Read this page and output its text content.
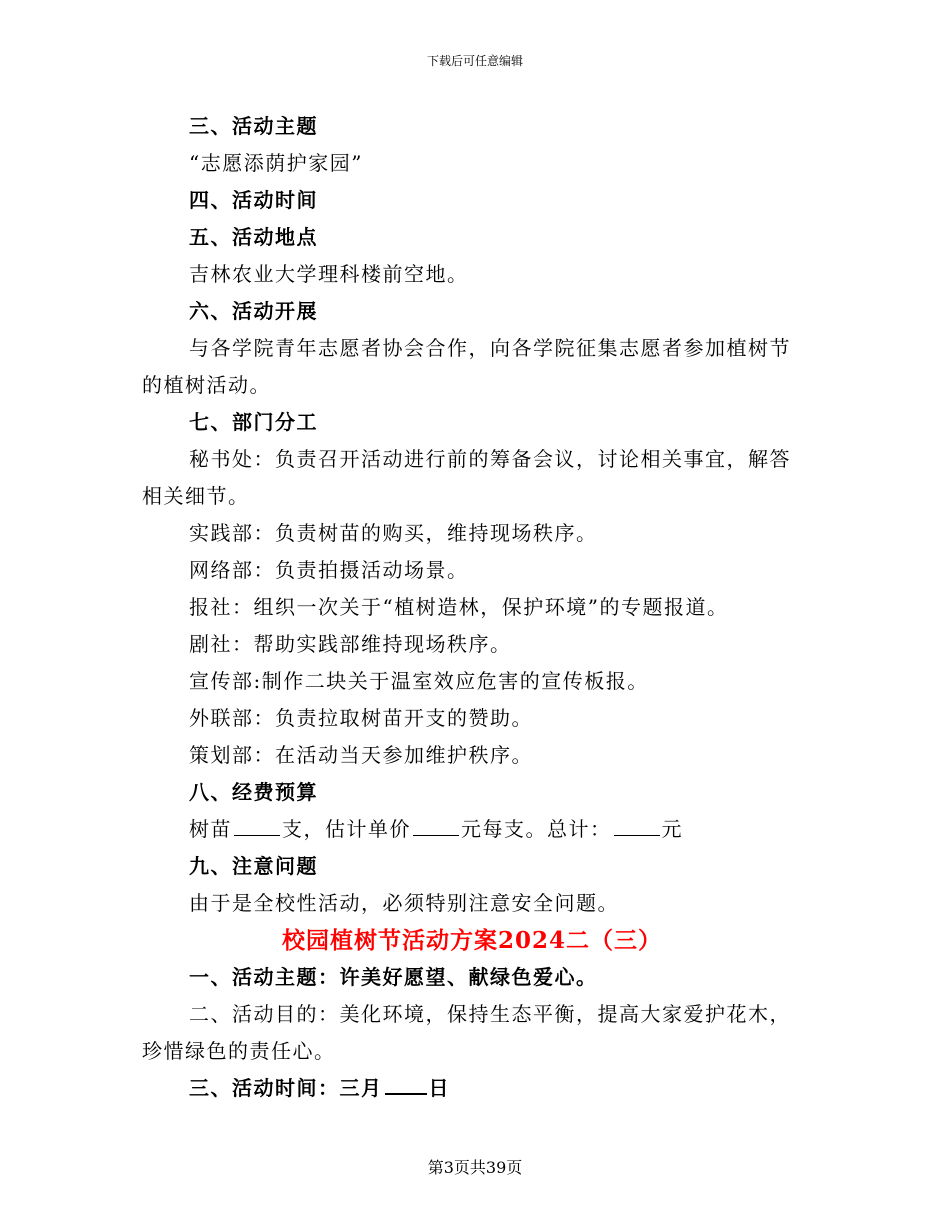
下载后可任意编辑
三、活动主题
“志愿添荫护家园”
四、活动时间
五、活动地点
吉林农业大学理科楼前空地。
六、活动开展
与各学院青年志愿者协会合作，向各学院征集志愿者参加植树节
的植树活动。
七、部门分工
秘书处：负责召开活动进行前的筹备会议，讨论相关事宜，解答
相关细节。
实践部：负责树苗的购买，维持现场秩序。
网络部：负责拍摄活动场景。
报社：组织一次关于“植树造林，保护环境”的专题报道。
剧社：帮助实践部维持现场秩序。
宣传部:制作二块关于温室效应危害的宣传板报。
外联部：负责拉取树苗开支的赞助。
策划部：在活动当天参加维护秩序。
八、经费预算
树苗	支，估计单价	元每支。总计：	元
九、注意问题
由于是全校性活动，必须特别注意安全问题。
校园植树节活动方案2024二（三）
一、活动主题：许美好愿望、献绿色爱心。
二、活动目的：美化环境，保持生态平衡，提高大家爱护花木，
珍惜绿色的责任心。
三、活动时间：三月 日
第3页共39页
